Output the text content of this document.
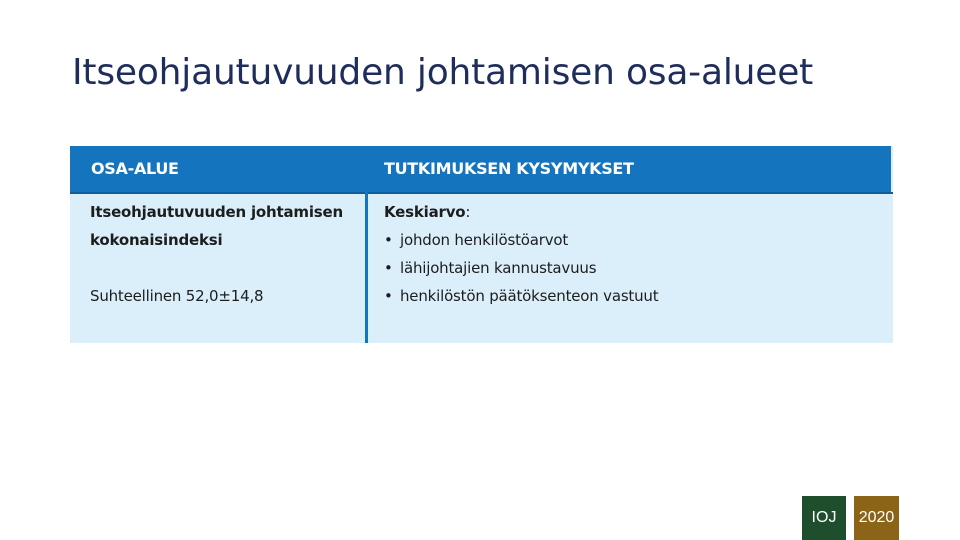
Itseohjautuvuuden johtamisen osa-alueet
OSA-ALUE	TUTKIMUKSEN KYSYMYKSET
Itseohjautuvuuden johtamisen
kokonaisindeksi
Suhteellinen 52,0±14,8
Keskiarvo:
• johdon henkilöstöarvot
• lähijohtajien kannustavuus
• henkilöstön päätöksenteon vastuut
IOJ	2020
